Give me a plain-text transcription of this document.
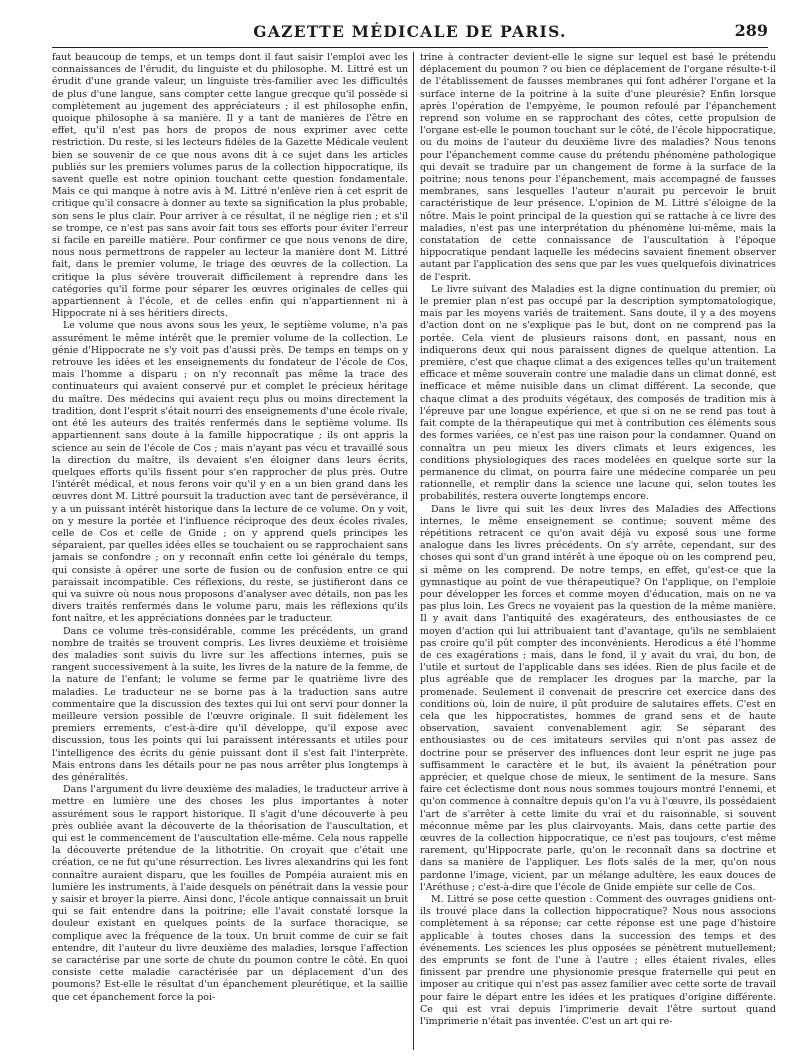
GAZETTE MÉDICALE DE PARIS.	289

faut beaucoup de temps, et un temps dont il faut saisir l'emploi avec les connaissances de l'érudit, du linguiste et du philosophe. M. Littré est un érudit d'une grande valeur, un linguiste très-familier avec les difficultés de plus d'une langue, sans compter cette langue grecque qu'il possède si complètement au jugement des appréciateurs ; il est philosophe enfin, quoique philosophe à sa manière. Il y a tant de manières de l'être en effet, qu'il n'est pas hors de propos de nous exprimer avec cette restriction. Du reste, si les lecteurs fidèles de la Gazette Médicale veulent bien se souvenir de ce que nous avons dit à ce sujet dans les articles publiés sur les premiers volumes parus de la collection hippocratique, ils savent quelle est notre opinion touchant cette question fondamentale. Mais ce qui manque à notre avis à M. Littré n'enlève rien à cet esprit de critique qu'il consacre à donner au texte sa signification la plus probable, son sens le plus clair. Pour arriver à ce résultat, il ne néglige rien ; et s'il se trompe, ce n'est pas sans avoir fait tous ses efforts pour éviter l'erreur si facile en pareille matière. Pour confirmer ce que nous venons de dire, nous nous permettrons de rappeler au lecteur la manière dont M. Littré fait, dans le premier volume, le triage des œuvres de la collection. La critique la plus sévère trouverait difficilement à reprendre dans les catégories qu'il forme pour séparer les œuvres originales de celles qui appartiennent à l'école, et de celles enfin qui n'appartiennent ni à Hippocrate ni à ses héritiers directs.

Le volume que nous avons sous les yeux, le septième volume, n'a pas assurément le même intérêt que le premier volume de la collection. Le génie d'Hippocrate ne s'y voit pas d'aussi près. De temps en temps on y retrouve les idées et les enseignements du fondateur de l'école de Cos, mais l'homme a disparu ; on n'y reconnaît pas même la trace des continuateurs qui avaient conservé pur et complet le précieux héritage du maître. Des médecins qui avaient reçu plus ou moins directement la tradition, dont l'esprit s'était nourri des enseignements d'une école rivale, ont été les auteurs des traités renfermés dans le septième volume. Ils appartiennent sans doute à la famille hippocratique ; ils ont appris la science au sein de l'école de Cos ; mais n'ayant pas vécu et travaillé sous la direction du maître, ils devaient s'en éloigner dans leurs écrits, quelques efforts qu'ils fissent pour s'en rapprocher de plus près. Outre l'intérêt médical, et nous ferons voir qu'il y en a un bien grand dans les œuvres dont M. Littré poursuit la traduction avec tant de persévérance, il y a un puissant intérêt historique dans la lecture de ce volume. On y voit, on y mesure la portée et l'influence réciproque des deux écoles rivales, celle de Cos et celle de Gnide ; on y apprend quels principes les séparaient, par quelles idées elles se touchaient ou se rapprochaient sans jamais se confondre ; on y reconnaît enfin cette loi générale du temps, qui consiste à opérer une sorte de fusion ou de confusion entre ce qui paraissait incompatible. Ces réflexions, du reste, se justifieront dans ce qui va suivre où nous nous proposons d'analyser avec détails, non pas les divers traités renfermés dans le volume paru, mais les réflexions qu'ils font naître, et les appréciations données par le traducteur.

Dans ce volume très-considérable, comme les précédents, un grand nombre de traités se trouvent compris. Les livres deuxième et troisième des maladies sont suivis du livre sur les affections internes, puis se rangent successivement à la suite, les livres de la nature de la femme, de la nature de l'enfant; le volume se ferme par le quatrième livre des maladies. Le traducteur ne se borne pas à la traduction sans autre commentaire que la discussion des textes qui lui ont servi pour donner la meilleure version possible de l'œuvre originale. Il suit fidèlement les premiers errements, c'est-à-dire qu'il développe, qu'il expose avec discussion, tous les points qui lui paraissent intéressants et utiles pour l'intelligence des écrits du génie puissant dont il s'est fait l'interprète. Mais entrons dans les détails pour ne pas nous arrêter plus longtemps à des généralités.

Dans l'argument du livre deuxième des maladies, le traducteur arrive à mettre en lumière une des choses les plus importantes à noter assurément sous le rapport historique. Il s'agit d'une découverte à peu près oubliée avant la découverte de la théorisation de l'auscultation, et qui est le commencement de l'auscultation elle-même. Cela nous rappelle la découverte prétendue de la lithotritie. On croyait que c'était une création, ce ne fut qu'une résurrection. Les livres alexandrins qui les font connaître auraient disparu, que les fouilles de Pompéia auraient mis en lumière les instruments, à l'aide desquels on pénétrait dans la vessie pour y saisir et broyer la pierre. Ainsi donc, l'école antique connaissait un bruit qui se fait entendre dans la poitrine; elle l'avait constaté lorsque la douleur existant en quelques points de la surface thoracique, se complique avec la fréquence de la toux. Un bruit comme de cuir se fait entendre, dit l'auteur du livre deuxième des maladies, lorsque l'affection se caractérise par une sorte de chute du poumon contre le côté. En quoi consiste cette maladie caractérisée par un déplacement d'un des poumons? Est-elle le résultat d'un épanchement pleurétique, et la saillie que cet épanchement force la poi-

trine à contracter devient-elle le signe sur lequel est basé le prétendu déplacement du poumon ? ou bien ce déplacement de l'organe résulte-t-il de l'établissement de fausses membranes qui font adhérer l'organe et la surface interne de la poitrine à la suite d'une pleurésie? Enfin lorsque après l'opération de l'empyème, le poumon refoulé par l'épanchement reprend son volume en se rapprochant des côtes, cette propulsion de l'organe est-elle le poumon touchant sur le côté, de l'école hippocratique, ou du moins de l'auteur du deuxième livre des maladies? Nous tenons pour l'épanchement comme cause du prétendu phénomène pathologique qui devait se traduire par un changement de forme à la surface de la poitrine; nous tenons pour l'épanchement, mais accompagné de fausses membranes, sans lesquelles l'auteur n'aurait pu percevoir le bruit caractéristique de leur présence. L'opinion de M. Littré s'éloigne de la nôtre. Mais le point principal de la question qui se rattache à ce livre des maladies, n'est pas une interprétation du phénomène lui-même, mais la constatation de cette connaissance de l'auscultation à l'époque hippocratique pendant laquelle les médecins savaient finement observer autant par l'application des sens que par les vues quelquefois divinatrices de l'esprit.

Le livre suivant des Maladies est la digne continuation du premier, où le premier plan n'est pas occupé par la description symptomatologique, mais par les moyens variés de traitement. Sans doute, il y a des moyens d'action dont on ne s'explique pas le but, dont on ne comprend pas la portée. Cela vient de plusieurs raisons dont, en passant, nous en indiquerons deux qui nous paraissent dignes de quelque attention. La première, c'est que chaque climat a des exigences telles qu'un traitement efficace et même souverain contre une maladie dans un climat donné, est inefficace et même nuisible dans un climat différent. La seconde, que chaque climat a des produits végétaux, des composés de tradition mis à l'épreuve par une longue expérience, et que si on ne se rend pas tout à fait compte de la thérapeutique qui met à contribution ces éléments sous des formes variées, ce n'est pas une raison pour la condamner. Quand on connaîtra un peu mieux les divers climats et leurs exigences, les conditions physiologiques des races modelées en quelque sorte sur la permanence du climat, on pourra faire une médecine comparée un peu rationnelle, et remplir dans la science une lacune qui, selon toutes les probabilités, restera ouverte longtemps encore.

Dans le livre qui suit les deux livres des Maladies des Affections internes, le même enseignement se continue; souvent même des répétitions retracent ce qu'on avait déjà vu exposé sous une forme analogue dans les livres précédents. On s'y arrête, cependant, sur des choses qui sont d'un grand intérêt à une époque où on les comprend peu, si même on les comprend. De notre temps, en effet, qu'est-ce que la gymnastique au point de vue thérapeutique? On l'applique, on l'emploie pour développer les forces et comme moyen d'éducation, mais on ne va pas plus loin. Les Grecs ne voyaient pas la question de la même manière. Il y avait dans l'antiquité des exagérateurs, des enthousiastes de ce moyen d'action qui lui attribuaient tant d'avantage, qu'ils ne semblaient pas croire qu'il pût compter des inconvénients. Herodicus a été l'homme de ces exagérations ; mais, dans le fond, il y avait du vrai, du bon, de l'utile et surtout de l'applicable dans ses idées. Rien de plus facile et de plus agréable que de remplacer les drogues par la marche, par la promenade. Seulement il convenait de prescrire cet exercice dans des conditions où, loin de nuire, il pût produire de salutaires effets. C'est en cela que les hippocratistes, hommes de grand sens et de haute observation, savaient convenablement agir. Se séparant des enthousiastes ou de ces imitateurs serviles qui n'ont pas assez de doctrine pour se préserver des influences dont leur esprit ne juge pas suffisamment le caractère et le but, ils avaient la pénétration pour apprécier, et quelque chose de mieux, le sentiment de la mesure. Sans faire cet éclectisme dont nous nous sommes toujours montré l'ennemi, et qu'on commence à connaître depuis qu'on l'a vu à l'œuvre, ils possédaient l'art de s'arrêter à cette limite du vrai et du raisonnable, si souvent méconnue même par les plus clairvoyants. Mais, dans cette partie des œuvres de la collection hippocratique, ce n'est pas toujours, c'est même rarement, qu'Hippocrate parle, qu'on le reconnaît dans sa doctrine et dans sa manière de l'appliquer. Les flots salés de la mer, qu'on nous pardonne l'image, vicient, par un mélange adultère, les eaux douces de l'Aréthuse ; c'est-à-dire que l'école de Gnide empiète sur celle de Cos.

M. Littré se pose cette question : Comment des ouvrages gnidiens ont-ils trouvé place dans la collection hippocratique? Nous nous associons complètement à sa réponse; car cette réponse est une page d'histoire applicable à toutes choses dans la succession des temps et des événements. Les sciences les plus opposées se pénètrent mutuellement; des emprunts se font de l'une à l'autre ; elles étaient rivales, elles finissent par prendre une physionomie presque fraternelle qui peut en imposer au critique qui n'est pas assez familier avec cette sorte de travail pour faire le départ entre les idées et les pratiques d'origine différente. Ce qui est vrai depuis l'imprimerie devait l'être surtout quand l'imprimerie n'était pas inventée. C'est un art qui re-
